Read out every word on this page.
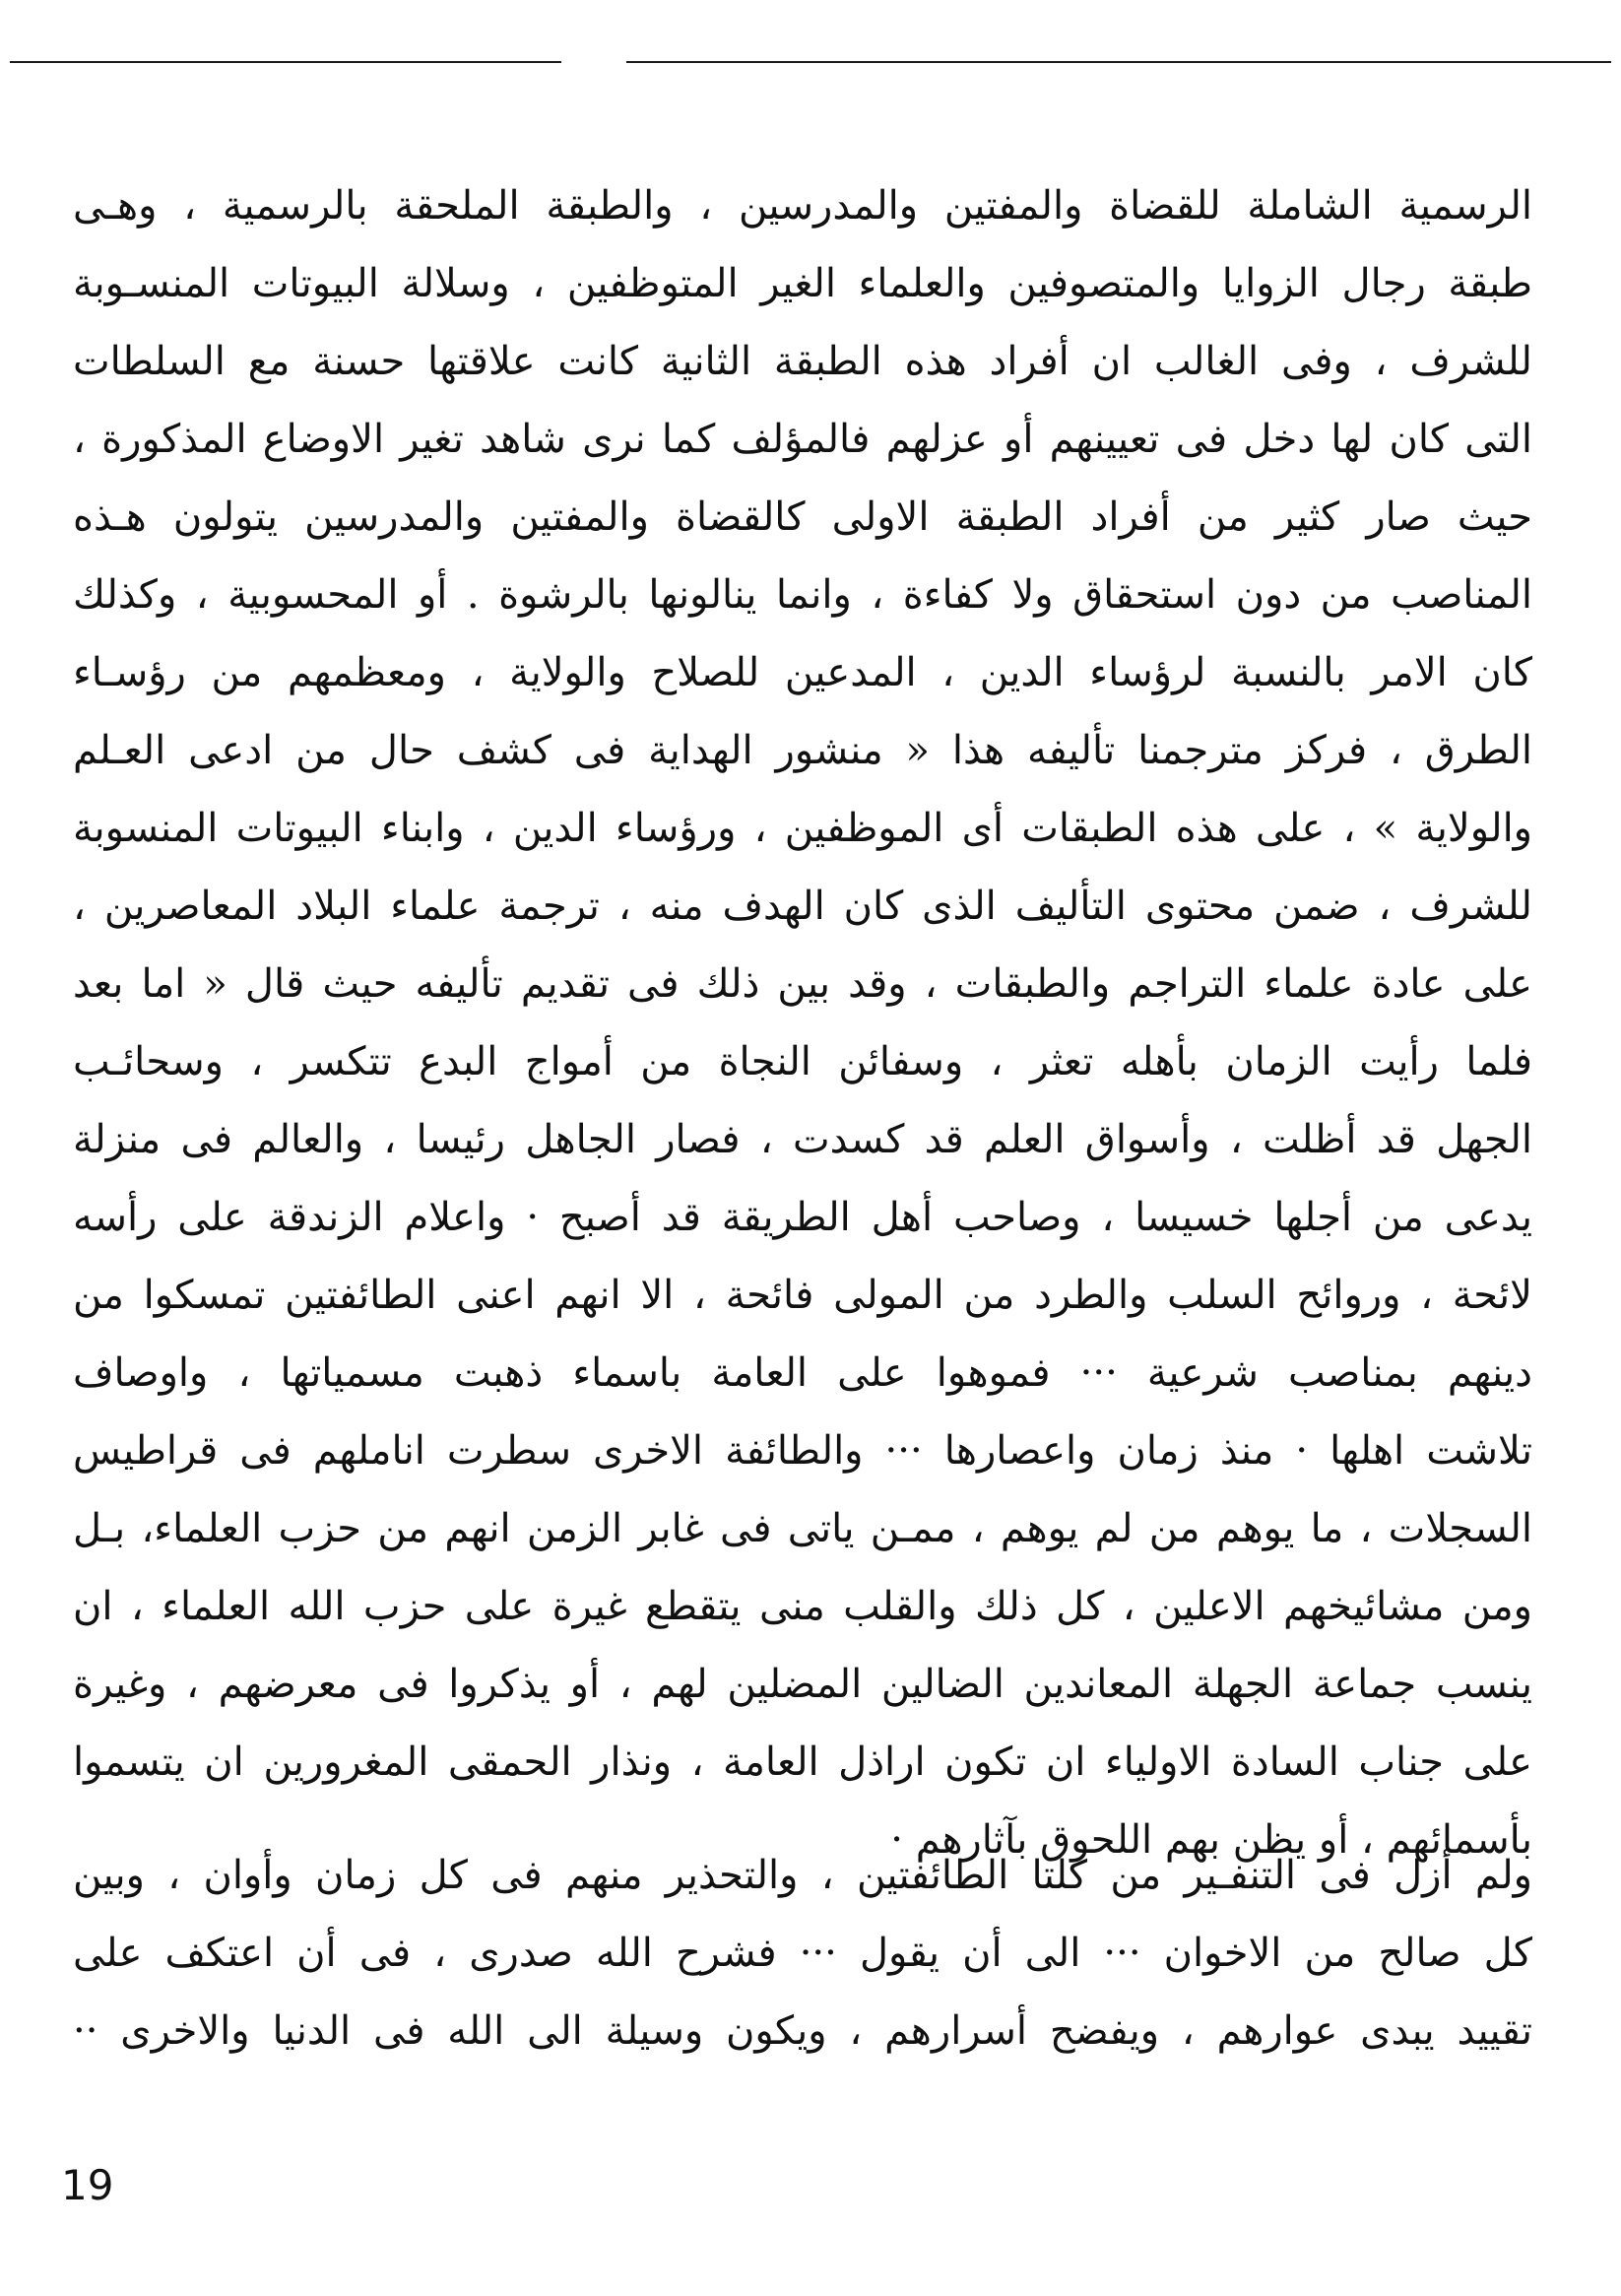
الرسمية الشاملة للقضاة والمفتين والمدرسين ، والطبقة الملحقة بالرسمية ، وهـى
طبقة رجال الزوايا والمتصوفين والعلماء الغير المتوظفين ، وسلالة البيوتات المنسـوبة
للشرف ، وفى الغالب ان أفراد هذه الطبقة الثانية كانت علاقتها حسنة مع السلطات
التى كان لها دخل فى تعيينهم أو عزلهم فالمؤلف كما نرى شاهد تغير الاوضاع المذكورة ،
حيث صار كثير من أفراد الطبقة الاولى كالقضاة والمفتين والمدرسين يتولون هـذه
المناصب من دون استحقاق ولا كفاءة ، وانما ينالونها بالرشوة . أو المحسوبية ، وكذلك
كان الامر بالنسبة لرؤساء الدين ، المدعين للصلاح والولاية ، ومعظمهم من رؤسـاء
الطرق ، فركز مترجمنا تأليفه هذا « منشور الهداية فى كشف حال من ادعى العـلم
والولاية » ، على هذه الطبقات أى الموظفين ، ورؤساء الدين ، وابناء البيوتات المنسوبة
للشرف ، ضمن محتوى التأليف الذى كان الهدف منه ، ترجمة علماء البلاد المعاصرين ،
على عادة علماء التراجم والطبقات ، وقد بين ذلك فى تقديم تأليفه حيث قال « اما بعد
فلما رأيت الزمان بأهله تعثر ، وسفائن النجاة من أمواج البدع تتكسر ، وسحائـب
الجهل قد أظلت ، وأسواق العلم قد كسدت ، فصار الجاهل رئيسا ، والعالم فى منزلة
يدعى من أجلها خسيسا ، وصاحب أهل الطريقة قد أصبح · واعلام الزندقة على رأسه
لائحة ، وروائح السلب والطرد من المولى فائحة ، الا انهم اعنى الطائفتين تمسكوا من
دينهم بمناصب شرعية ··· فموهوا على العامة باسماء ذهبت مسمياتها ، واوصاف
تلاشت اهلها · منذ زمان واعصارها ··· والطائفة الاخرى سطرت اناملهم فى قراطيس
السجلات ، ما يوهم من لم يوهم ، ممـن ياتى فى غابر الزمن انهم من حزب العلماء، بـل
ومن مشائيخهم الاعلين ، كل ذلك والقلب منى يتقطع غيرة على حزب الله العلماء ، ان
ينسب جماعة الجهلة المعاندين الضالين المضلين لهم ، أو يذكروا فى معرضهم ، وغيرة
على جناب السادة الاولياء ان تكون اراذل العامة ، ونذار الحمقى المغرورين ان يتسموا
بأسمائهم ، أو يظن بهم اللحوق بآثارهم ·
ولم أزل فى التنفـير من كلتا الطائفتين ، والتحذير منهم فى كل زمان وأوان ، وبين
كل صالح من الاخوان ··· الى أن يقول ··· فشرح الله صدرى ، فى أن اعتكف على
تقييد يبدى عوارهم ، ويفضح أسرارهم ، ويكون وسيلة الى الله فى الدنيا والاخرى ··
19
